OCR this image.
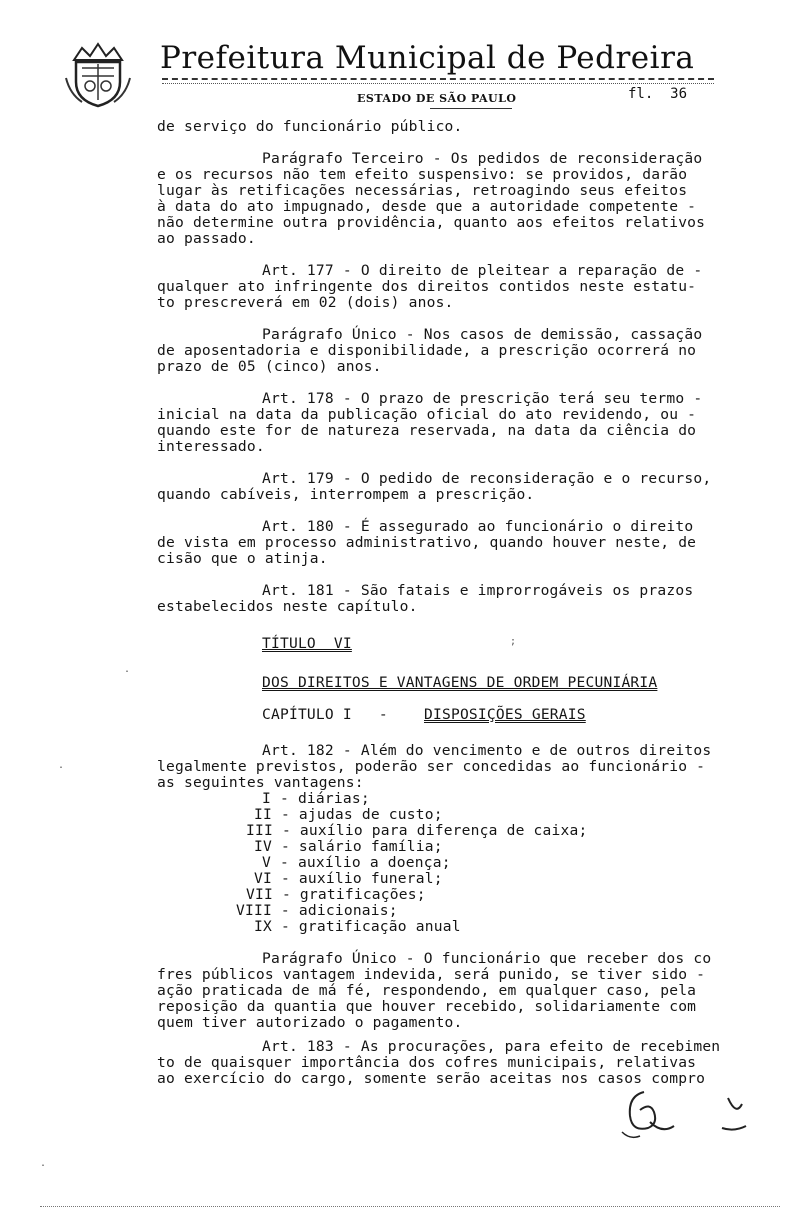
Prefeitura Municipal de Pedreira
ESTADO DE SÃO PAULO	fl.  36
de serviço do funcionário público.
Parágrafo Terceiro - Os pedidos de reconsideração
e os recursos não tem efeito suspensivo: se providos, darão
lugar às retificações necessárias, retroagindo seus efeitos
à data do ato impugnado, desde que a autoridade competente -
não determine outra providência, quanto aos efeitos relativos
ao passado.
Art. 177 - O direito de pleitear a reparação de -
qualquer ato infringente dos direitos contidos neste estatu-
to prescreverá em 02 (dois) anos.
Parágrafo Único - Nos casos de demissão, cassação
de aposentadoria e disponibilidade, a prescrição ocorrerá no
prazo de 05 (cinco) anos.
Art. 178 - O prazo de prescrição terá seu termo -
inicial na data da publicação oficial do ato revidendo, ou -
quando este for de natureza reservada, na data da ciência do
interessado.
Art. 179 - O pedido de reconsideração e o recurso,
quando cabíveis, interrompem a prescrição.
Art. 180 - É assegurado ao funcionário o direito
de vista em processo administrativo, quando houver neste, de
cisão que o atinja.
Art. 181 - São fatais e improrrogáveis os prazos
estabelecidos neste capítulo.
Art. 182 - Além do vencimento e de outros direitos
legalmente previstos, poderão ser concedidas ao funcionário -
as seguintes vantagens:
I - diárias;
II - ajudas de custo;
III - auxílio para diferença de caixa;
IV - salário família;
V - auxílio a doença;
VI - auxílio funeral;
VII - gratificações;
VIII - adicionais;
IX - gratificação anual
Parágrafo Único - O funcionário que receber dos co
fres públicos vantagem indevida, será punido, se tiver sido -
ação praticada de má fé, respondendo, em qualquer caso, pela
reposição da quantia que houver recebido, solidariamente com
quem tiver autorizado o pagamento.
Art. 183 - As procurações, para efeito de recebimen
to de quaisquer importância dos cofres municipais, relativas
ao exercício do cargo, somente serão aceitas nos casos compro
TÍTULO  VI
DOS DIREITOS E VANTAGENS DE ORDEM PECUNIÁRIA
CAPÍTULO I   - DISPOSIÇÕES GERAIS
.
.
.
;
